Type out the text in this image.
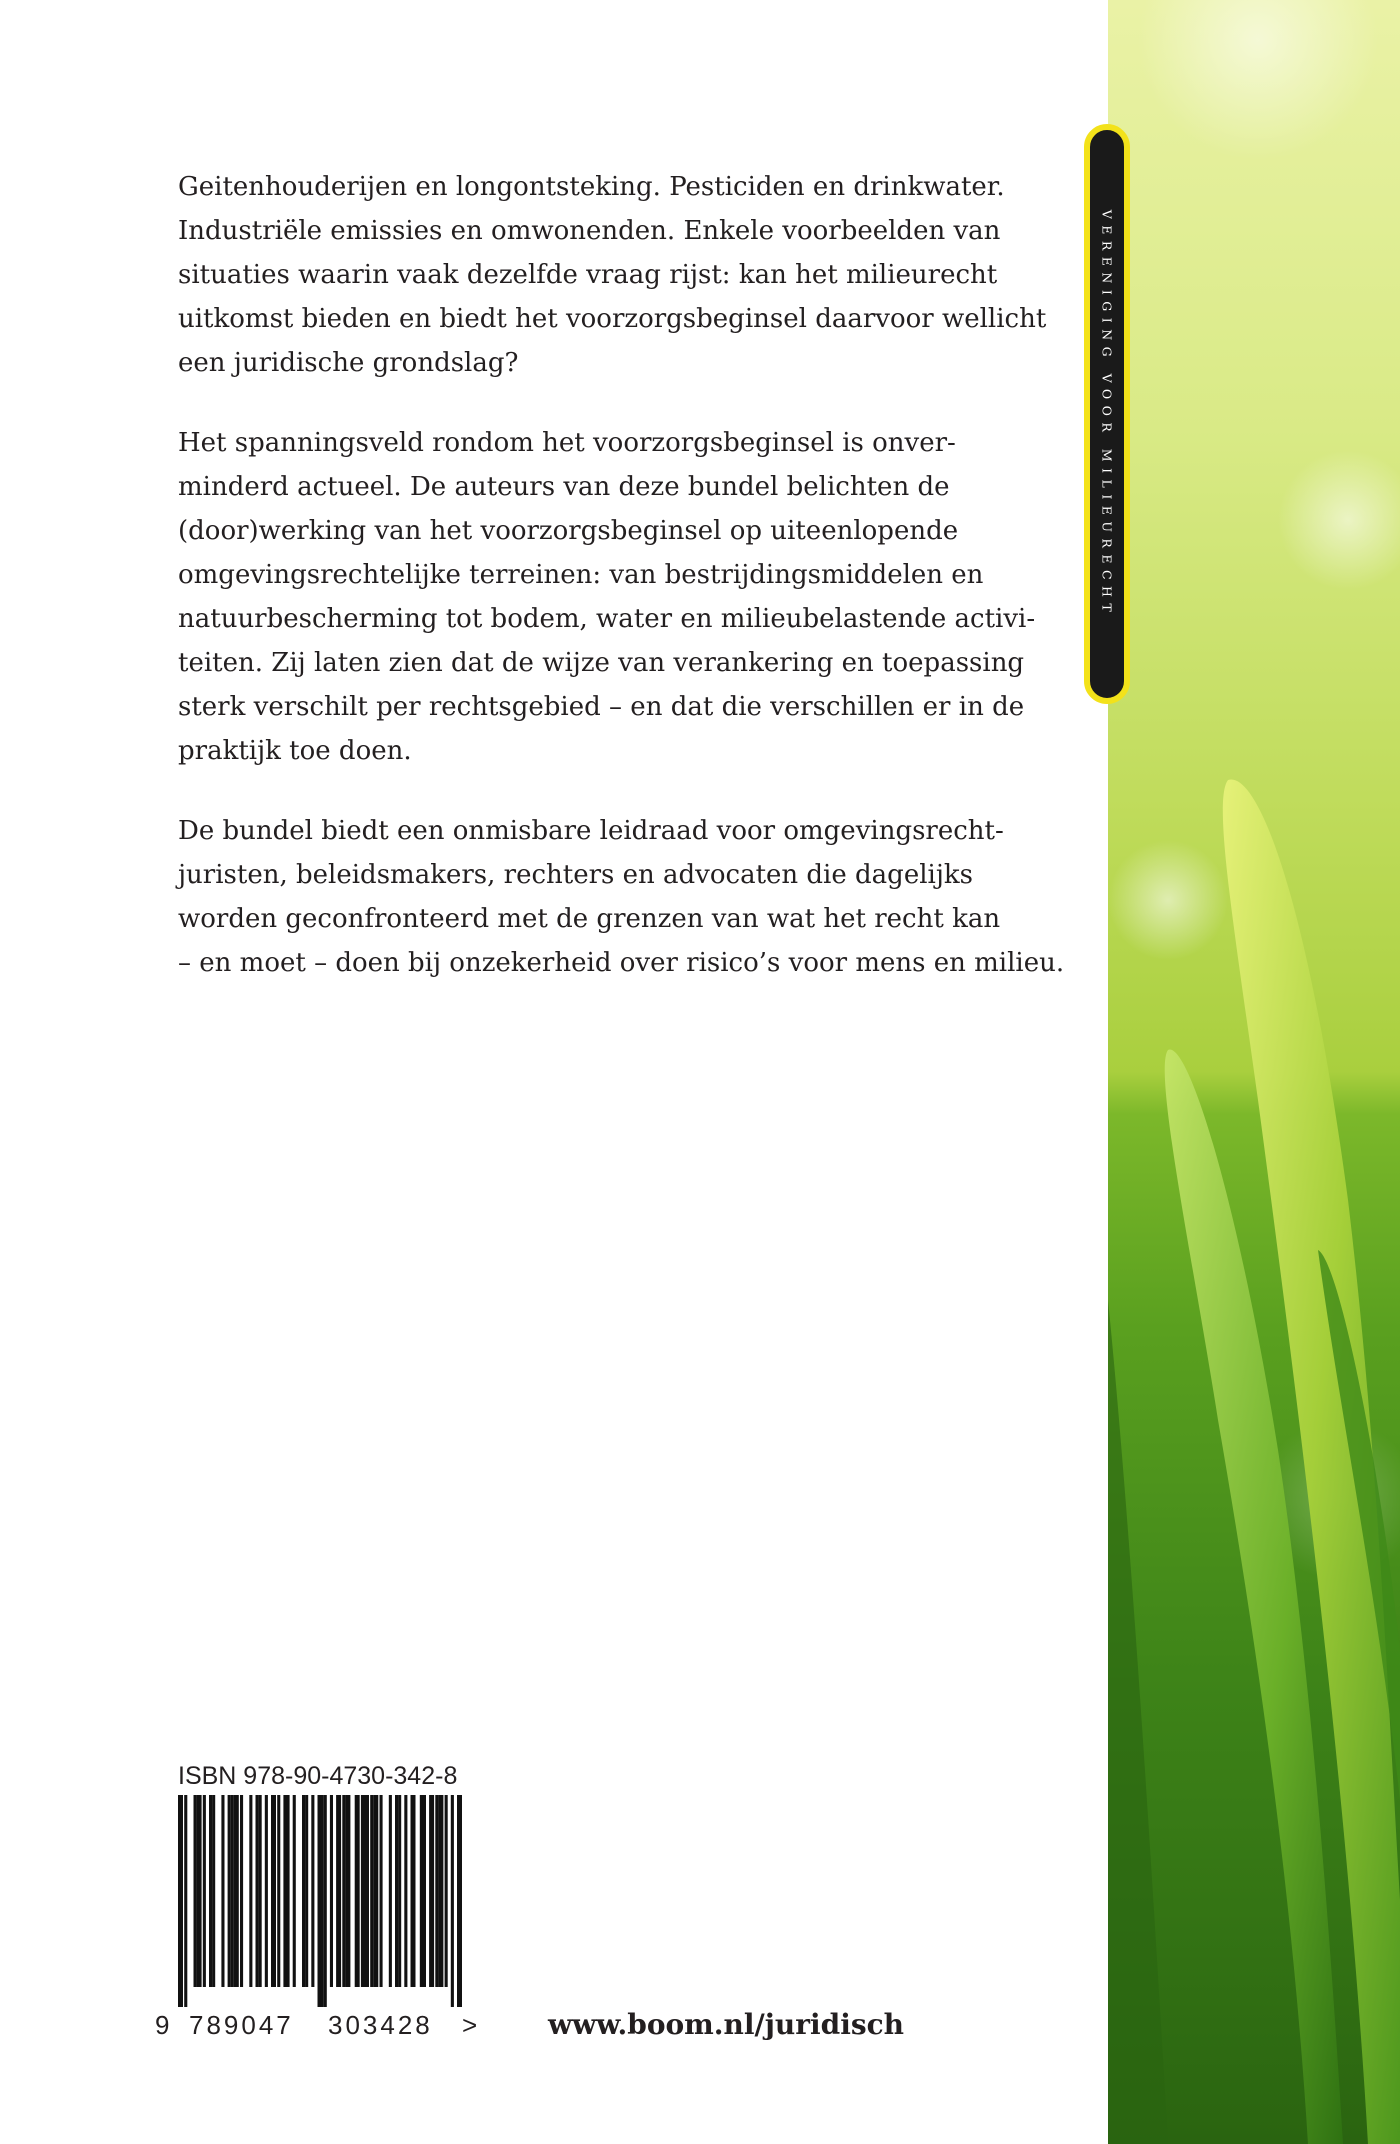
Geitenhouderijen en longontsteking. Pesticiden en drinkwater.
Industriële emissies en omwonenden. Enkele voorbeelden van
situaties waarin vaak dezelfde vraag rijst: kan het milieurecht
uitkomst bieden en biedt het voorzorgsbeginsel daarvoor wellicht
een juridische grondslag?

Het spanningsveld rondom het voorzorgsbeginsel is onver-
minderd actueel. De auteurs van deze bundel belichten de
(door)werking van het voorzorgsbeginsel op uiteenlopende
omgevingsrechtelijke terreinen: van bestrijdingsmiddelen en
natuurbescherming tot bodem, water en milieubelastende activi-
teiten. Zij laten zien dat de wijze van verankering en toepassing
sterk verschilt per rechtsgebied – en dat die verschillen er in de
praktijk toe doen.

De bundel biedt een onmisbare leidraad voor omgevingsrecht-
juristen, beleidsmakers, rechters en advocaten die dagelijks
worden geconfronteerd met de grenzen van wat het recht kan
– en moet – doen bij onzekerheid over risico’s voor mens en milieu.

VERENIGING VOOR MILIEURECHT
ISBN 978-90-4730-342-8
9 789047 303428 >	www.boom.nl/juridisch
